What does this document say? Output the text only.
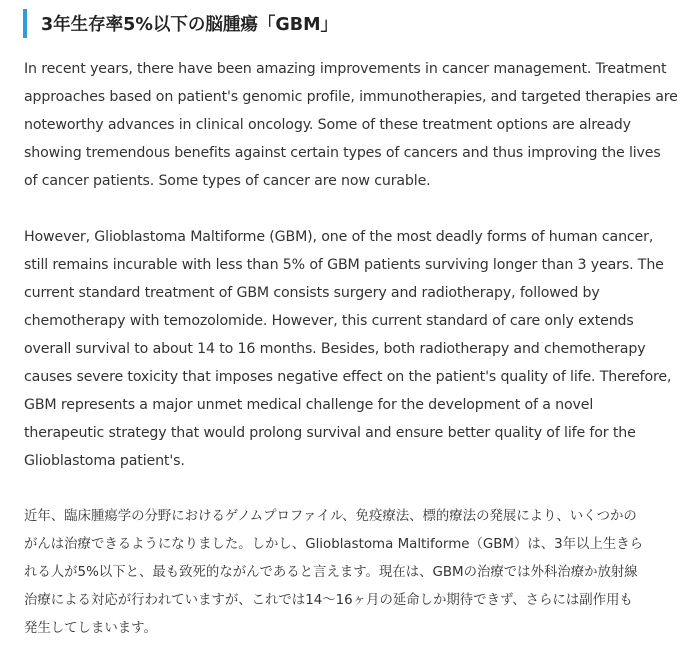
3年生存率5%以下の脳腫瘍「GBM」

In recent years, there have been amazing improvements in cancer management. Treatment
approaches based on patient's genomic profile, immunotherapies, and targeted therapies are
noteworthy advances in clinical oncology. Some of these treatment options are already
showing tremendous benefits against certain types of cancers and thus improving the lives
of cancer patients. Some types of cancer are now curable.

However, Glioblastoma Maltiforme (GBM), one of the most deadly forms of human cancer,
still remains incurable with less than 5% of GBM patients surviving longer than 3 years. The
current standard treatment of GBM consists surgery and radiotherapy, followed by
chemotherapy with temozolomide. However, this current standard of care only extends
overall survival to about 14 to 16 months. Besides, both radiotherapy and chemotherapy
causes severe toxicity that imposes negative effect on the patient's quality of life. Therefore,
GBM represents a major unmet medical challenge for the development of a novel
therapeutic strategy that would prolong survival and ensure better quality of life for the
Glioblastoma patient's.

近年、臨床腫瘍学の分野におけるゲノムプロファイル、免疫療法、標的療法の発展により、いくつかの
がんは治療できるようになりました。しかし、Glioblastoma Maltiforme（GBM）は、3年以上生きら
れる人が5%以下と、最も致死的ながんであると言えます。現在は、GBMの治療では外科治療か放射線
治療による対応が行われていますが、これでは14〜16ヶ月の延命しか期待できず、さらには副作用も
発生してしまいます。
